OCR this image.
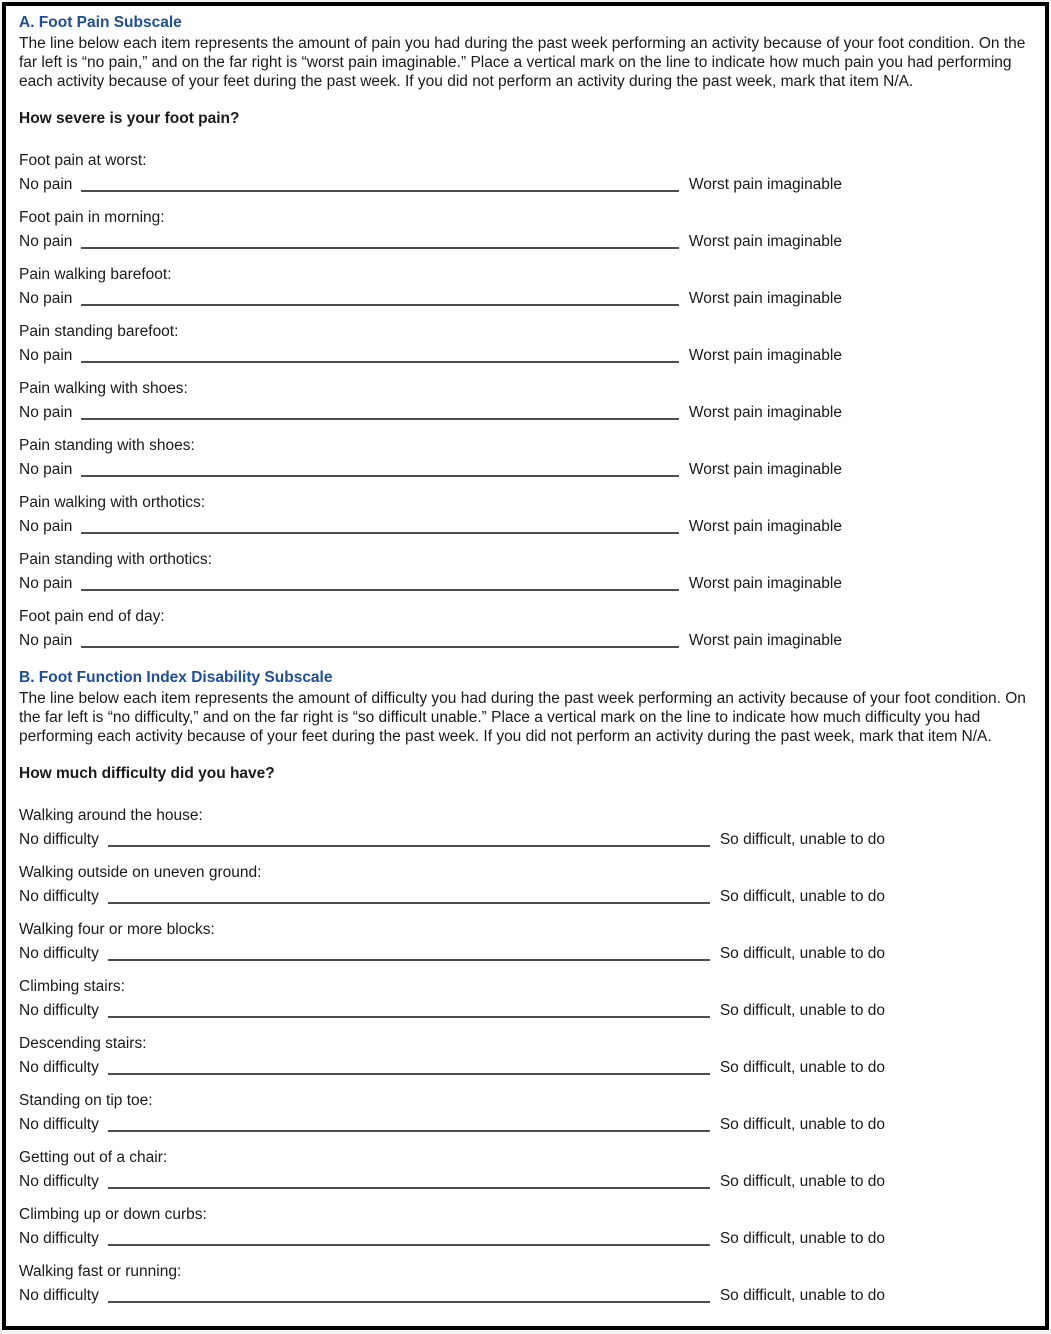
A. Foot Pain Subscale

The line below each item represents the amount of pain you had during the past week performing an activity because of your foot condition. On the far left is “no pain,” and on the far right is “worst pain imaginable.” Place a vertical mark on the line to indicate how much pain you had performing each activity because of your feet during the past week. If you did not perform an activity during the past week, mark that item N/A.

How severe is your foot pain?

Foot pain at worst:
No pain	Worst pain imaginable
Foot pain in morning:
No pain	Worst pain imaginable
Pain walking barefoot:
No pain	Worst pain imaginable
Pain standing barefoot:
No pain	Worst pain imaginable
Pain walking with shoes:
No pain	Worst pain imaginable
Pain standing with shoes:
No pain	Worst pain imaginable
Pain walking with orthotics:
No pain	Worst pain imaginable
Pain standing with orthotics:
No pain	Worst pain imaginable
Foot pain end of day:
No pain	Worst pain imaginable
B. Foot Function Index Disability Subscale

The line below each item represents the amount of difficulty you had during the past week performing an activity because of your foot condition. On the far left is “no difficulty,” and on the far right is “so difficult unable.” Place a vertical mark on the line to indicate how much difficulty you had performing each activity because of your feet during the past week. If you did not perform an activity during the past week, mark that item N/A.

How much difficulty did you have?

Walking around the house:
No difficulty	So difficult, unable to do
Walking outside on uneven ground:
No difficulty	So difficult, unable to do
Walking four or more blocks:
No difficulty	So difficult, unable to do
Climbing stairs:
No difficulty	So difficult, unable to do
Descending stairs:
No difficulty	So difficult, unable to do
Standing on tip toe:
No difficulty	So difficult, unable to do
Getting out of a chair:
No difficulty	So difficult, unable to do
Climbing up or down curbs:
No difficulty	So difficult, unable to do
Walking fast or running:
No difficulty	So difficult, unable to do
